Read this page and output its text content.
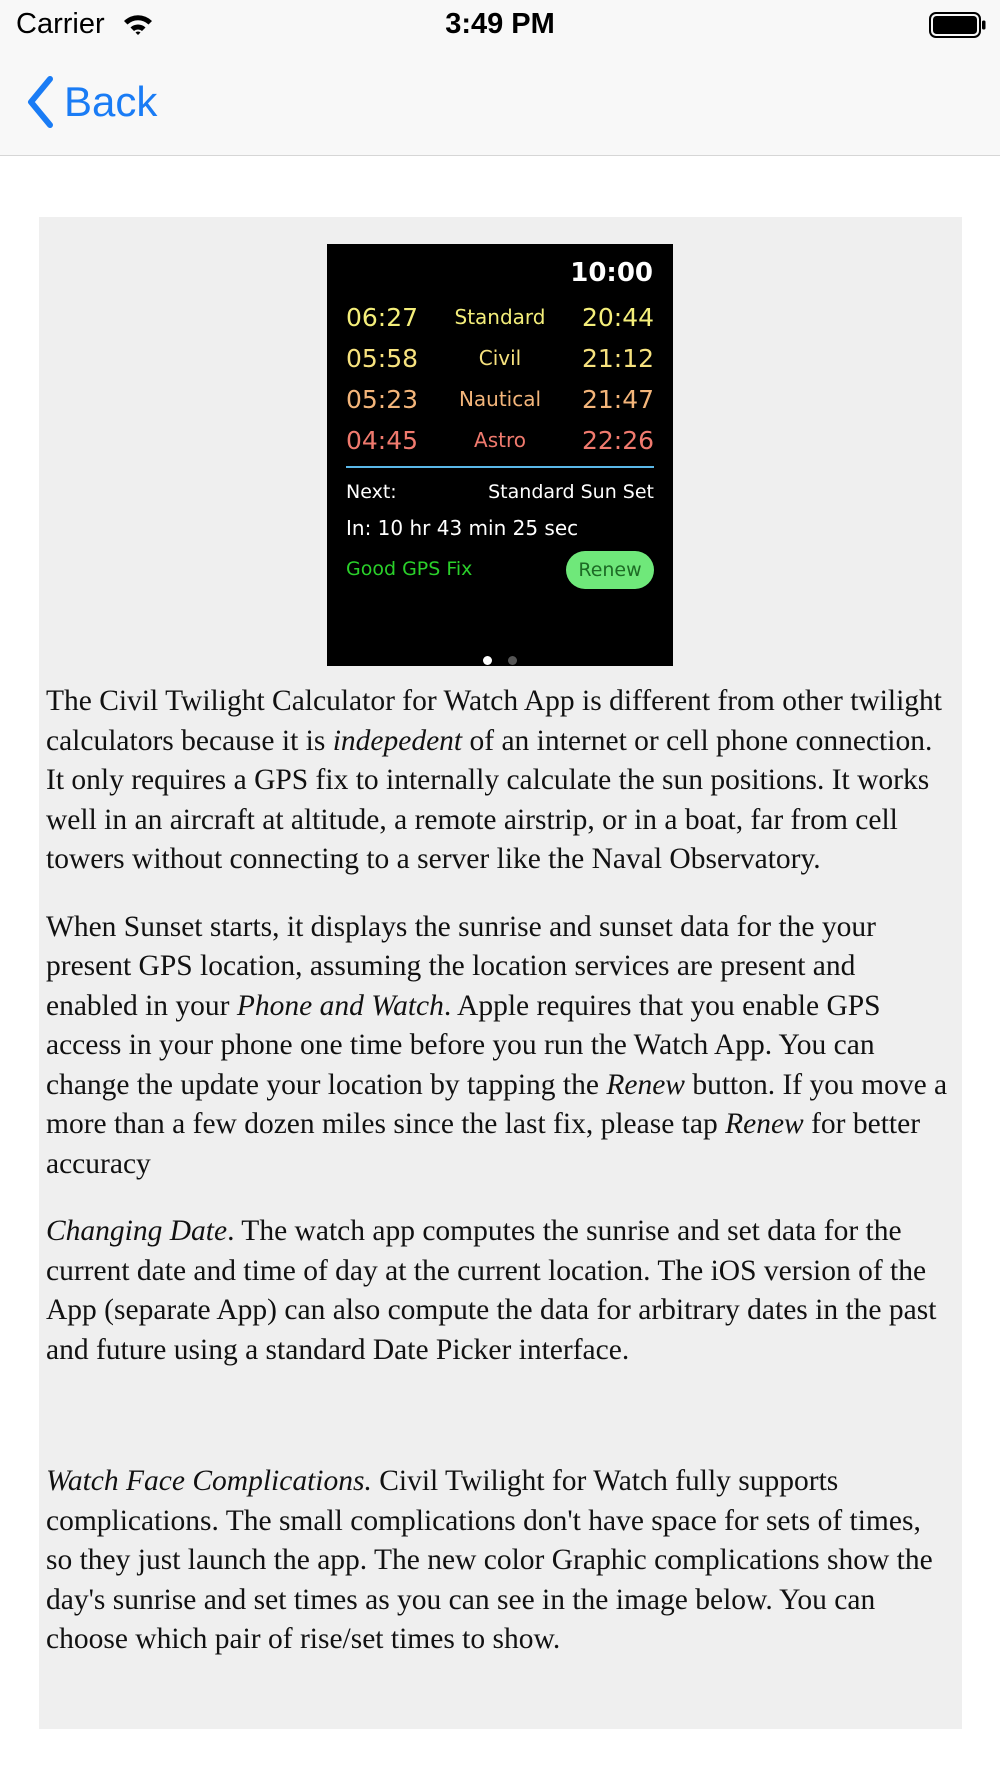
Carrier	3:49 PM
Back
10:00
06:27	Standard	20:44
05:58	Civil	21:12
05:23	Nautical	21:47
04:45	Astro	22:26
Next:	Standard Sun Set
In: 10 hr 43 min 25 sec
Good GPS Fix	Renew

The Civil Twilight Calculator for Watch App is different from other twilight calculators because it is indepedent of an internet or cell phone connection. It only requires a GPS fix to internally calculate the sun positions. It works well in an aircraft at altitude, a remote airstrip, or in a boat, far from cell towers without connecting to a server like the Naval Observatory.

When Sunset starts, it displays the sunrise and sunset data for the your present GPS location, assuming the location services are present and enabled in your Phone and Watch. Apple requires that you enable GPS access in your phone one time before you run the Watch App. You can change the update your location by tapping the Renew button. If you move a more than a few dozen miles since the last fix, please tap Renew for better accuracy

Changing Date. The watch app computes the sunrise and set data for the current date and time of day at the current location. The iOS version of the App (separate App) can also compute the data for arbitrary dates in the past and future using a standard Date Picker interface.

Watch Face Complications. Civil Twilight for Watch fully supports complications. The small complications don't have space for sets of times, so they just launch the app. The new color Graphic complications show the day's sunrise and set times as you can see in the image below. You can choose which pair of rise/set times to show.
